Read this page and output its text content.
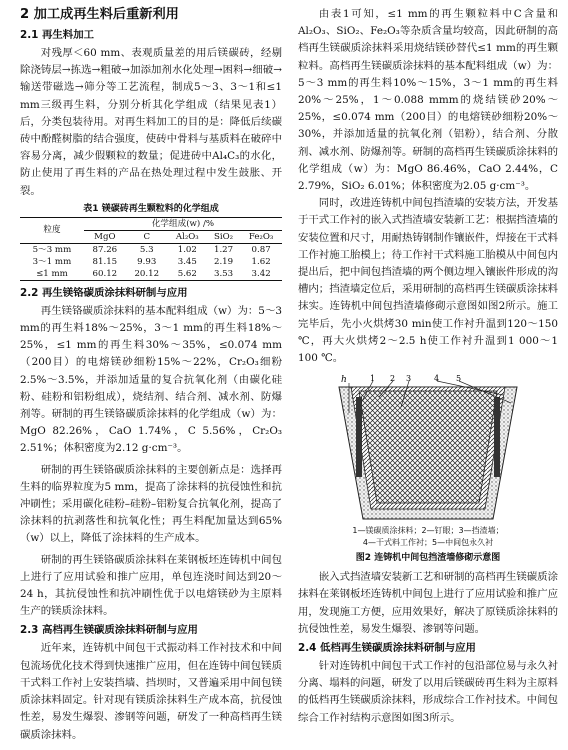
2 加工成再生料后重新利用
2.1 再生料加工

对残厚＜60 mm、表观质量差的用后镁碳砖，经剔除浇铸层→拣选→粗破→加添加剂水化处理→困料→细破→输送带磁选→筛分等工艺流程，制成5～3、3～1和≤1 mm三级再生料，分别分析其化学组成（结果见表1）后，分类包装待用。对再生料加工的目的是：降低后续碳砖中酚醛树脂的结合强度，使砖中骨料与基质料在破碎中容易分离，减少假颗粒的数量；促进砖中Al₄C₃的水化，防止使用了再生料的产品在热处理过程中发生鼓胀、开裂。

表1 镁碳砖再生颗粒料的化学组成
粒度	化学组成(w) /%				
	MgO	C	Al₂O₃	SiO₂	Fe₂O₃
5～3 mm	87.26	5.3	1.02	1.27	0.87
3～1 mm	81.15	9.93	3.45	2.19	1.62
≤1 mm	60.12	20.12	5.62	3.53	3.42
2.2 再生镁铬碳质涂抹料研制与应用

再生镁铬碳质涂抹料的基本配料组成（w）为：5～3 mm的再生料18%～25%，3～1 mm的再生料18%～25%，≤1 mm的再生料30%～35%，≤0.074 mm（200目）的电熔镁砂细粉15%～22%，Cr₂O₃细粉2.5%～3.5%，并添加适量的复合抗氧化剂（由碳化硅粉、硅粉和铝粉组成），烧结剂、结合剂、减水剂、防爆剂等。研制的再生镁铬碳质涂抹料的化学组成（w）为：MgO 82.26%，CaO 1.74%，C 5.56%，Cr₂O₃ 2.51%；体积密度为2.12 g·cm⁻³。

研制的再生镁铬碳质涂抹料的主要创新点是：选择再生料的临界粒度为5 mm，提高了涂抹料的抗侵蚀性和抗冲刷性；采用碳化硅粉–硅粉–铝粉复合抗氧化剂，提高了涂抹料的抗剥落性和抗氧化性；再生料配加量达到65%（w）以上，降低了涂抹料的生产成本。

研制的再生镁铬碳质涂抹料在莱钢板坯连铸机中间包上进行了应用试验和推广应用，单包连浇时间达到20～24 h，其抗侵蚀性和抗冲刷性优于以电熔镁砂为主原料生产的镁质涂抹料。

2.3 高档再生镁碳质涂抹料研制与应用

近年来，连铸机中间包干式振动料工作衬技术和中间包流场优化技术得到快速推广应用，但在连铸中间包镁质干式料工作衬上安装挡墙、挡坝时，又普遍采用中间包镁质涂抹料固定。针对现有镁质涂抹料生产成本高，抗侵蚀性差，易发生爆裂、渗钢等问题，研发了一种高档再生镁碳质涂抹料。

由表1可知，≤1 mm的再生颗粒料中C含量和Al₂O₃、SiO₂、Fe₂O₃等杂质含量均较高，因此研制的高档再生镁碳质涂抹料采用烧结镁砂替代≤1 mm的再生颗粒料。高档再生镁碳质涂抹料的基本配料组成（w）为：5～3 mm的再生料10%～15%，3～1 mm的再生料20%～25%，1～0.088 mmm的烧结镁砂20%～25%，≤0.074 mm（200目）的电熔镁砂细粉20%～30%，并添加适量的抗氧化剂（铝粉），结合剂、分散剂、减水剂、防爆剂等。研制的高档再生镁碳质涂抹料的化学组成（w）为：MgO 86.46%，CaO 2.44%，C 2.79%，SiO₂ 6.01%；体积密度为2.05 g·cm⁻³。

同时，改进连铸机中间包挡渣墙的安装方法，开发基于干式工作衬的嵌入式挡渣墙安装新工艺：根据挡渣墙的安装位置和尺寸，用耐热铸钢制作镶嵌件，焊接在干式料工作衬施工胎模上；待工作衬干式料施工胎模从中间包内提出后，把中间包挡渣墙的两个侧边埋入镶嵌件形成的沟槽内；挡渣墙定位后，采用研制的高档再生镁碳质涂抹料抹实。连铸机中间包挡渣墙修砌示意图如图2所示。施工完毕后，先小火烘烤30 min使工作衬升温到120～150 ℃，再大火烘烤2～2.5 h使工作衬升温到1 000～1 100 ℃。

h	1 2 3	4 5
1—镁碳质涂抹料；2—钉眼；3—挡渣墙；
4—干式料工作衬；5—中间包永久衬
图2 连铸机中间包挡渣墙修砌示意图

嵌入式挡渣墙安装新工艺和研制的高档再生镁碳质涂抹料在莱钢板坯连铸机中间包上进行了应用试验和推广应用，发现施工方便，应用效果好，解决了原镁质涂抹料的抗侵蚀性差，易发生爆裂、渗钢等问题。

2.4 低档再生镁碳质涂抹料研制与应用

针对连铸机中间包干式工作衬的包沿部位易与永久衬分离、塌料的问题，研发了以用后镁碳砖再生料为主原料的低档再生镁碳质涂抹料，形成综合工作衬技术。中间包综合工作衬结构示意图如图3所示。
